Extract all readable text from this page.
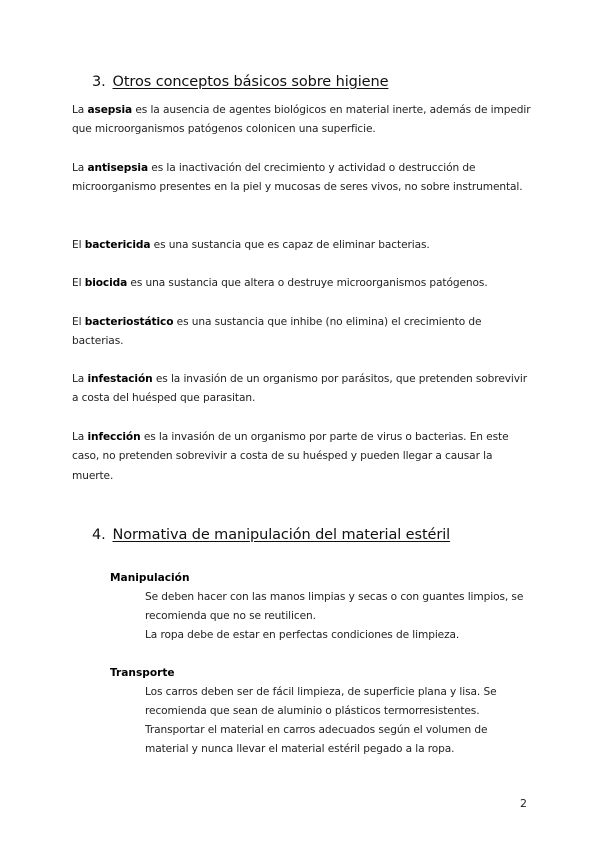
3. Otros conceptos básicos sobre higiene
La asepsia es la ausencia de agentes biológicos en material inerte, además de impedir que microorganismos patógenos colonicen una superficie.
La antisepsia es la inactivación del crecimiento y actividad o destrucción de microorganismo presentes en la piel y mucosas de seres vivos, no sobre instrumental.
El bactericida es una sustancia que es capaz de eliminar bacterias.
El biocida es una sustancia que altera o destruye microorganismos patógenos.
El bacteriostático es una sustancia que inhibe (no elimina) el crecimiento de bacterias.
La infestación es la invasión de un organismo por parásitos, que pretenden sobrevivir a costa del huésped que parasitan.
La infección es la invasión de un organismo por parte de virus o bacterias. En este caso, no pretenden sobrevivir a costa de su huésped y pueden llegar a causar la muerte.
4. Normativa de manipulación del material estéril
Manipulación
Se deben hacer con las manos limpias y secas o con guantes limpios, se recomienda que no se reutilicen.
La ropa debe de estar en perfectas condiciones de limpieza.
Transporte
Los carros deben ser de fácil limpieza, de superficie plana y lisa. Se recomienda que sean de aluminio o plásticos termorresistentes.
Transportar el material en carros adecuados según el volumen de material y nunca llevar el material estéril pegado a la ropa.
2
